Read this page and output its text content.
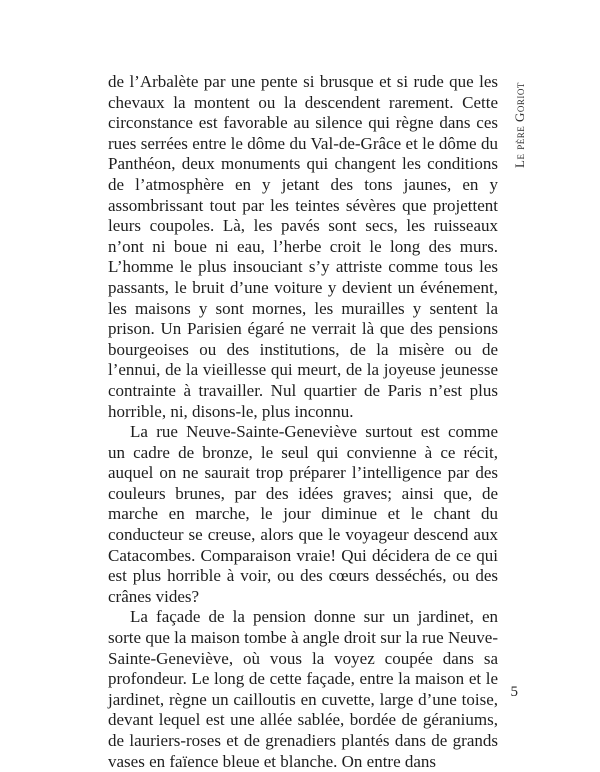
Le père Goriot

de l’Arbalète par une pente si brusque et si rude que les chevaux la montent ou la descendent rarement. Cette circonstance est favorable au silence qui règne dans ces rues serrées entre le dôme du Val-de-Grâce et le dôme du Panthéon, deux monuments qui changent les conditions de l’atmosphère en y jetant des tons jaunes, en y assombrissant tout par les teintes sévères que projettent leurs coupoles. Là, les pavés sont secs, les ruisseaux n’ont ni boue ni eau, l’herbe croit le long des murs. L’homme le plus insouciant s’y attriste comme tous les passants, le bruit d’une voiture y devient un événement, les maisons y sont mornes, les murailles y sentent la prison. Un Parisien égaré ne verrait là que des pensions bourgeoises ou des institutions, de la misère ou de l’ennui, de la vieillesse qui meurt, de la joyeuse jeunesse contrainte à travailler. Nul quartier de Paris n’est plus horrible, ni, disons-le, plus inconnu.

La rue Neuve-Sainte-Geneviève surtout est comme un cadre de bronze, le seul qui convienne à ce récit, auquel on ne saurait trop préparer l’intelligence par des couleurs brunes, par des idées graves; ainsi que, de marche en marche, le jour diminue et le chant du conducteur se creuse, alors que le voyageur descend aux Catacombes. Comparaison vraie! Qui décidera de ce qui est plus horrible à voir, ou des cœurs desséchés, ou des crânes vides?

La façade de la pension donne sur un jardinet, en sorte que la maison tombe à angle droit sur la rue Neuve-Sainte-Geneviève, où vous la voyez coupée dans sa profondeur. Le long de cette façade, entre la maison et le jardinet, règne un cailloutis en cuvette, large d’une toise, devant lequel est une allée sablée, bordée de géraniums, de lauriers-roses et de grenadiers plantés dans de grands vases en faïence bleue et blanche. On entre dans

5
